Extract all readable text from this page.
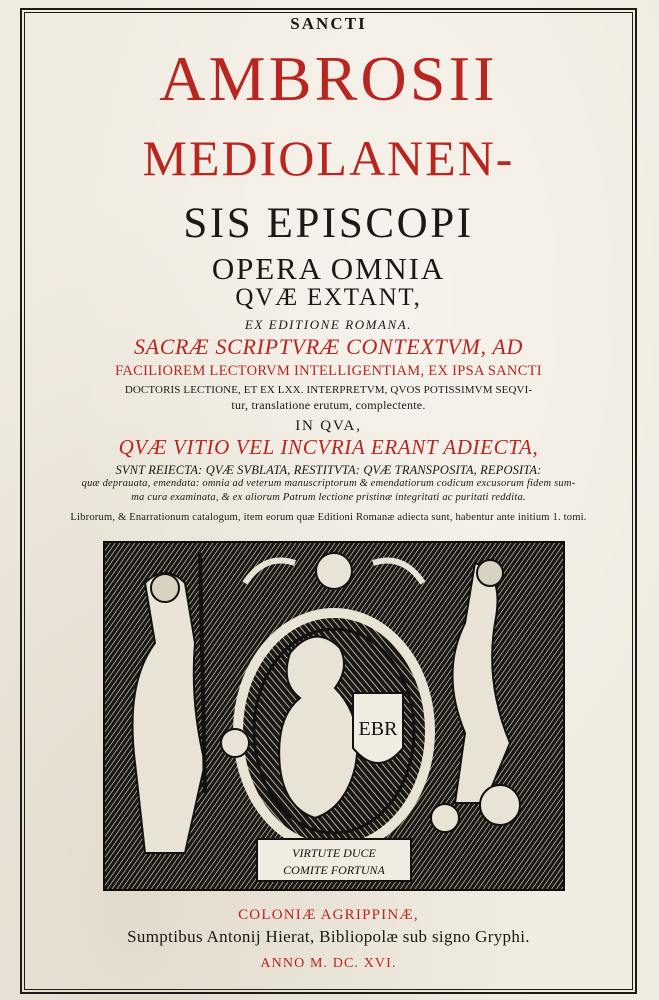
SANCTI
AMBROSII
MEDIOLANEN-
SIS EPISCOPI
OPERA OMNIA
QVÆ EXTANT,
EX EDITIONE ROMANA.
SACRÆ SCRIPTVRÆ CONTEXTVM, AD
FACILIOREM LECTORVM INTELLIGENTIAM, EX IPSA SANCTI
DOCTORIS LECTIONE, ET EX LXX. INTERPRETVM, QVOS POTISSIMVM SEQVI-
tur, translatione erutum, complectente.
IN QVA,
QVÆ VITIO VEL INCVRIA ERANT ADIECTA,
SVNT REIECTA: QVÆ SVBLATA, RESTITVTA: QVÆ TRANSPOSITA, REPOSITA:
quæ deprauata, emendata: omnia ad veterum manuscriptorum & emendatiorum codicum excusorum fidem sum-
ma cura examinata, & ex aliorum Patrum lectione pristinæ integritati ac puritati reddita.
Librorum, & Enarrationum catalogum, item eorum quæ Editioni Romanæ adiecta sunt, habentur ante initium 1. tomi.
EBR
VIRTUTE DUCE
COMITE FORTUNA
COLONIÆ AGRIPPINÆ,
Sumptibus Antonij Hierat, Bibliopolæ sub signo Gryphi.
ANNO M. DC. XVI.
